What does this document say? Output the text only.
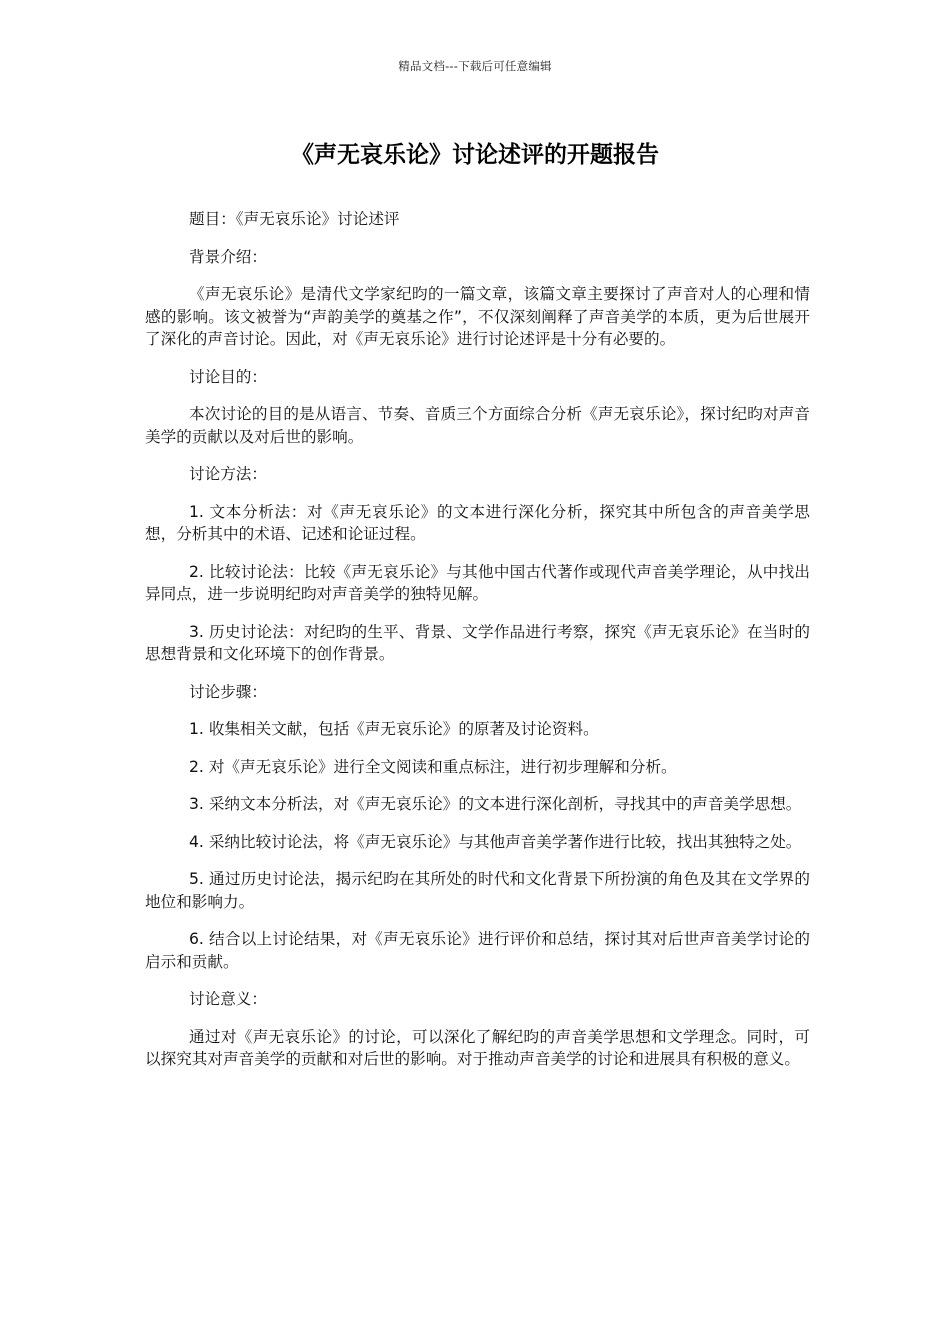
精品文档---下载后可任意编辑
《声无哀乐论》讨论述评的开题报告

题目：《声无哀乐论》讨论述评

背景介绍：

《声无哀乐论》是清代文学家纪昀的一篇文章，该篇文章主要探讨了声音对人的心理和情感的影响。该文被誉为“声韵美学的奠基之作”，不仅深刻阐释了声音美学的本质，更为后世展开了深化的声音讨论。因此，对《声无哀乐论》进行讨论述评是十分有必要的。

讨论目的：

本次讨论的目的是从语言、节奏、音质三个方面综合分析《声无哀乐论》，探讨纪昀对声音美学的贡献以及对后世的影响。

讨论方法：

1. 文本分析法：对《声无哀乐论》的文本进行深化分析，探究其中所包含的声音美学思想，分析其中的术语、记述和论证过程。

2. 比较讨论法：比较《声无哀乐论》与其他中国古代著作或现代声音美学理论，从中找出异同点，进一步说明纪昀对声音美学的独特见解。

3. 历史讨论法：对纪昀的生平、背景、文学作品进行考察，探究《声无哀乐论》在当时的思想背景和文化环境下的创作背景。

讨论步骤：

1. 收集相关文献，包括《声无哀乐论》的原著及讨论资料。

2. 对《声无哀乐论》进行全文阅读和重点标注，进行初步理解和分析。

3. 采纳文本分析法，对《声无哀乐论》的文本进行深化剖析，寻找其中的声音美学思想。

4. 采纳比较讨论法，将《声无哀乐论》与其他声音美学著作进行比较，找出其独特之处。

5. 通过历史讨论法，揭示纪昀在其所处的时代和文化背景下所扮演的角色及其在文学界的地位和影响力。

6. 结合以上讨论结果，对《声无哀乐论》进行评价和总结，探讨其对后世声音美学讨论的启示和贡献。

讨论意义：

通过对《声无哀乐论》的讨论，可以深化了解纪昀的声音美学思想和文学理念。同时，可以探究其对声音美学的贡献和对后世的影响。对于推动声音美学的讨论和进展具有积极的意义。
